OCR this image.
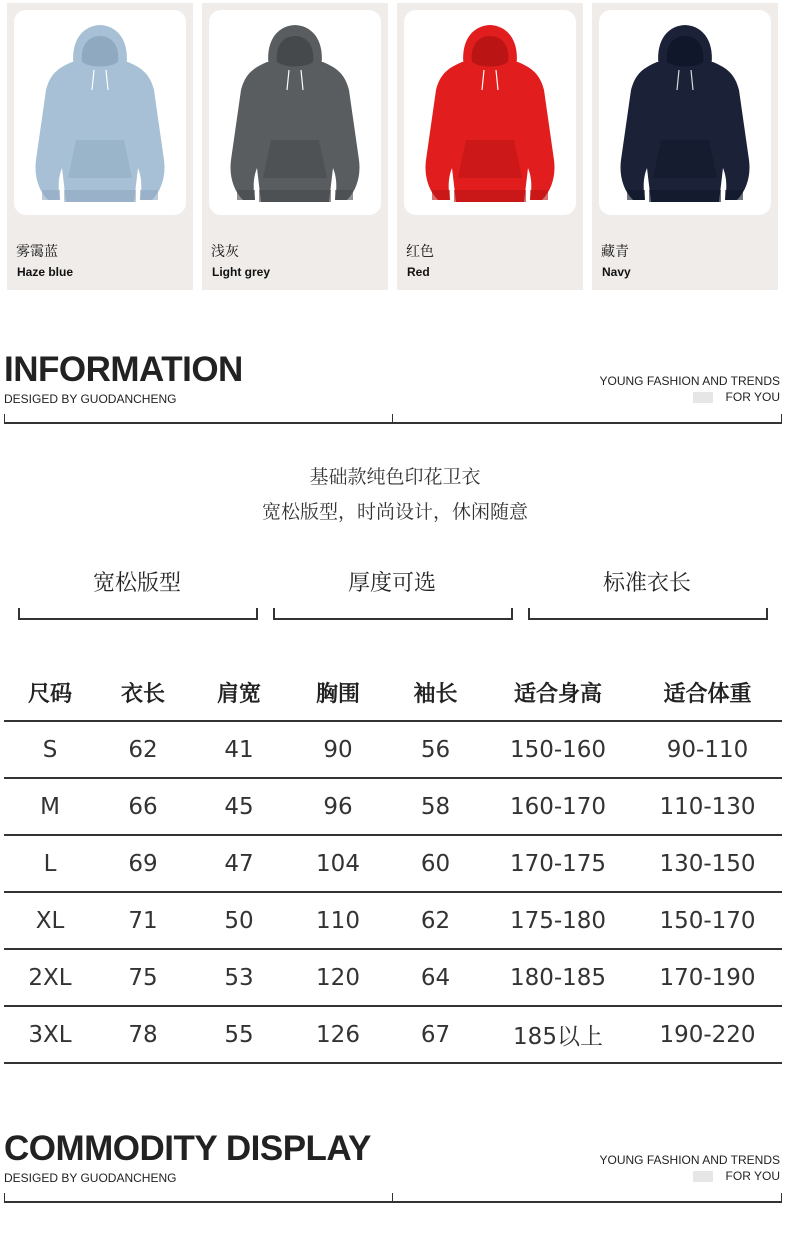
雾霭蓝
Haze blue
浅灰
Light grey
红色
Red
藏青
Navy
INFORMATION
DESIGED BY GUODANCHENG
YOUNG FASHION AND TRENDS
FOR YOU
基础款纯色印花卫衣
宽松版型，时尚设计，休闲随意
宽松版型	厚度可选	标准衣长
尺码	衣长	肩宽	胸围	袖长	适合身高	适合体重
S	62	41	90	56	150-160	90-110
M	66	45	96	58	160-170	110-130
L	69	47	104	60	170-175	130-150
XL	71	50	110	62	175-180	150-170
2XL	75	53	120	64	180-185	170-190
3XL	78	55	126	67	185以上	190-220
COMMODITY DISPLAY
DESIGED BY GUODANCHENG
YOUNG FASHION AND TRENDS
FOR YOU
